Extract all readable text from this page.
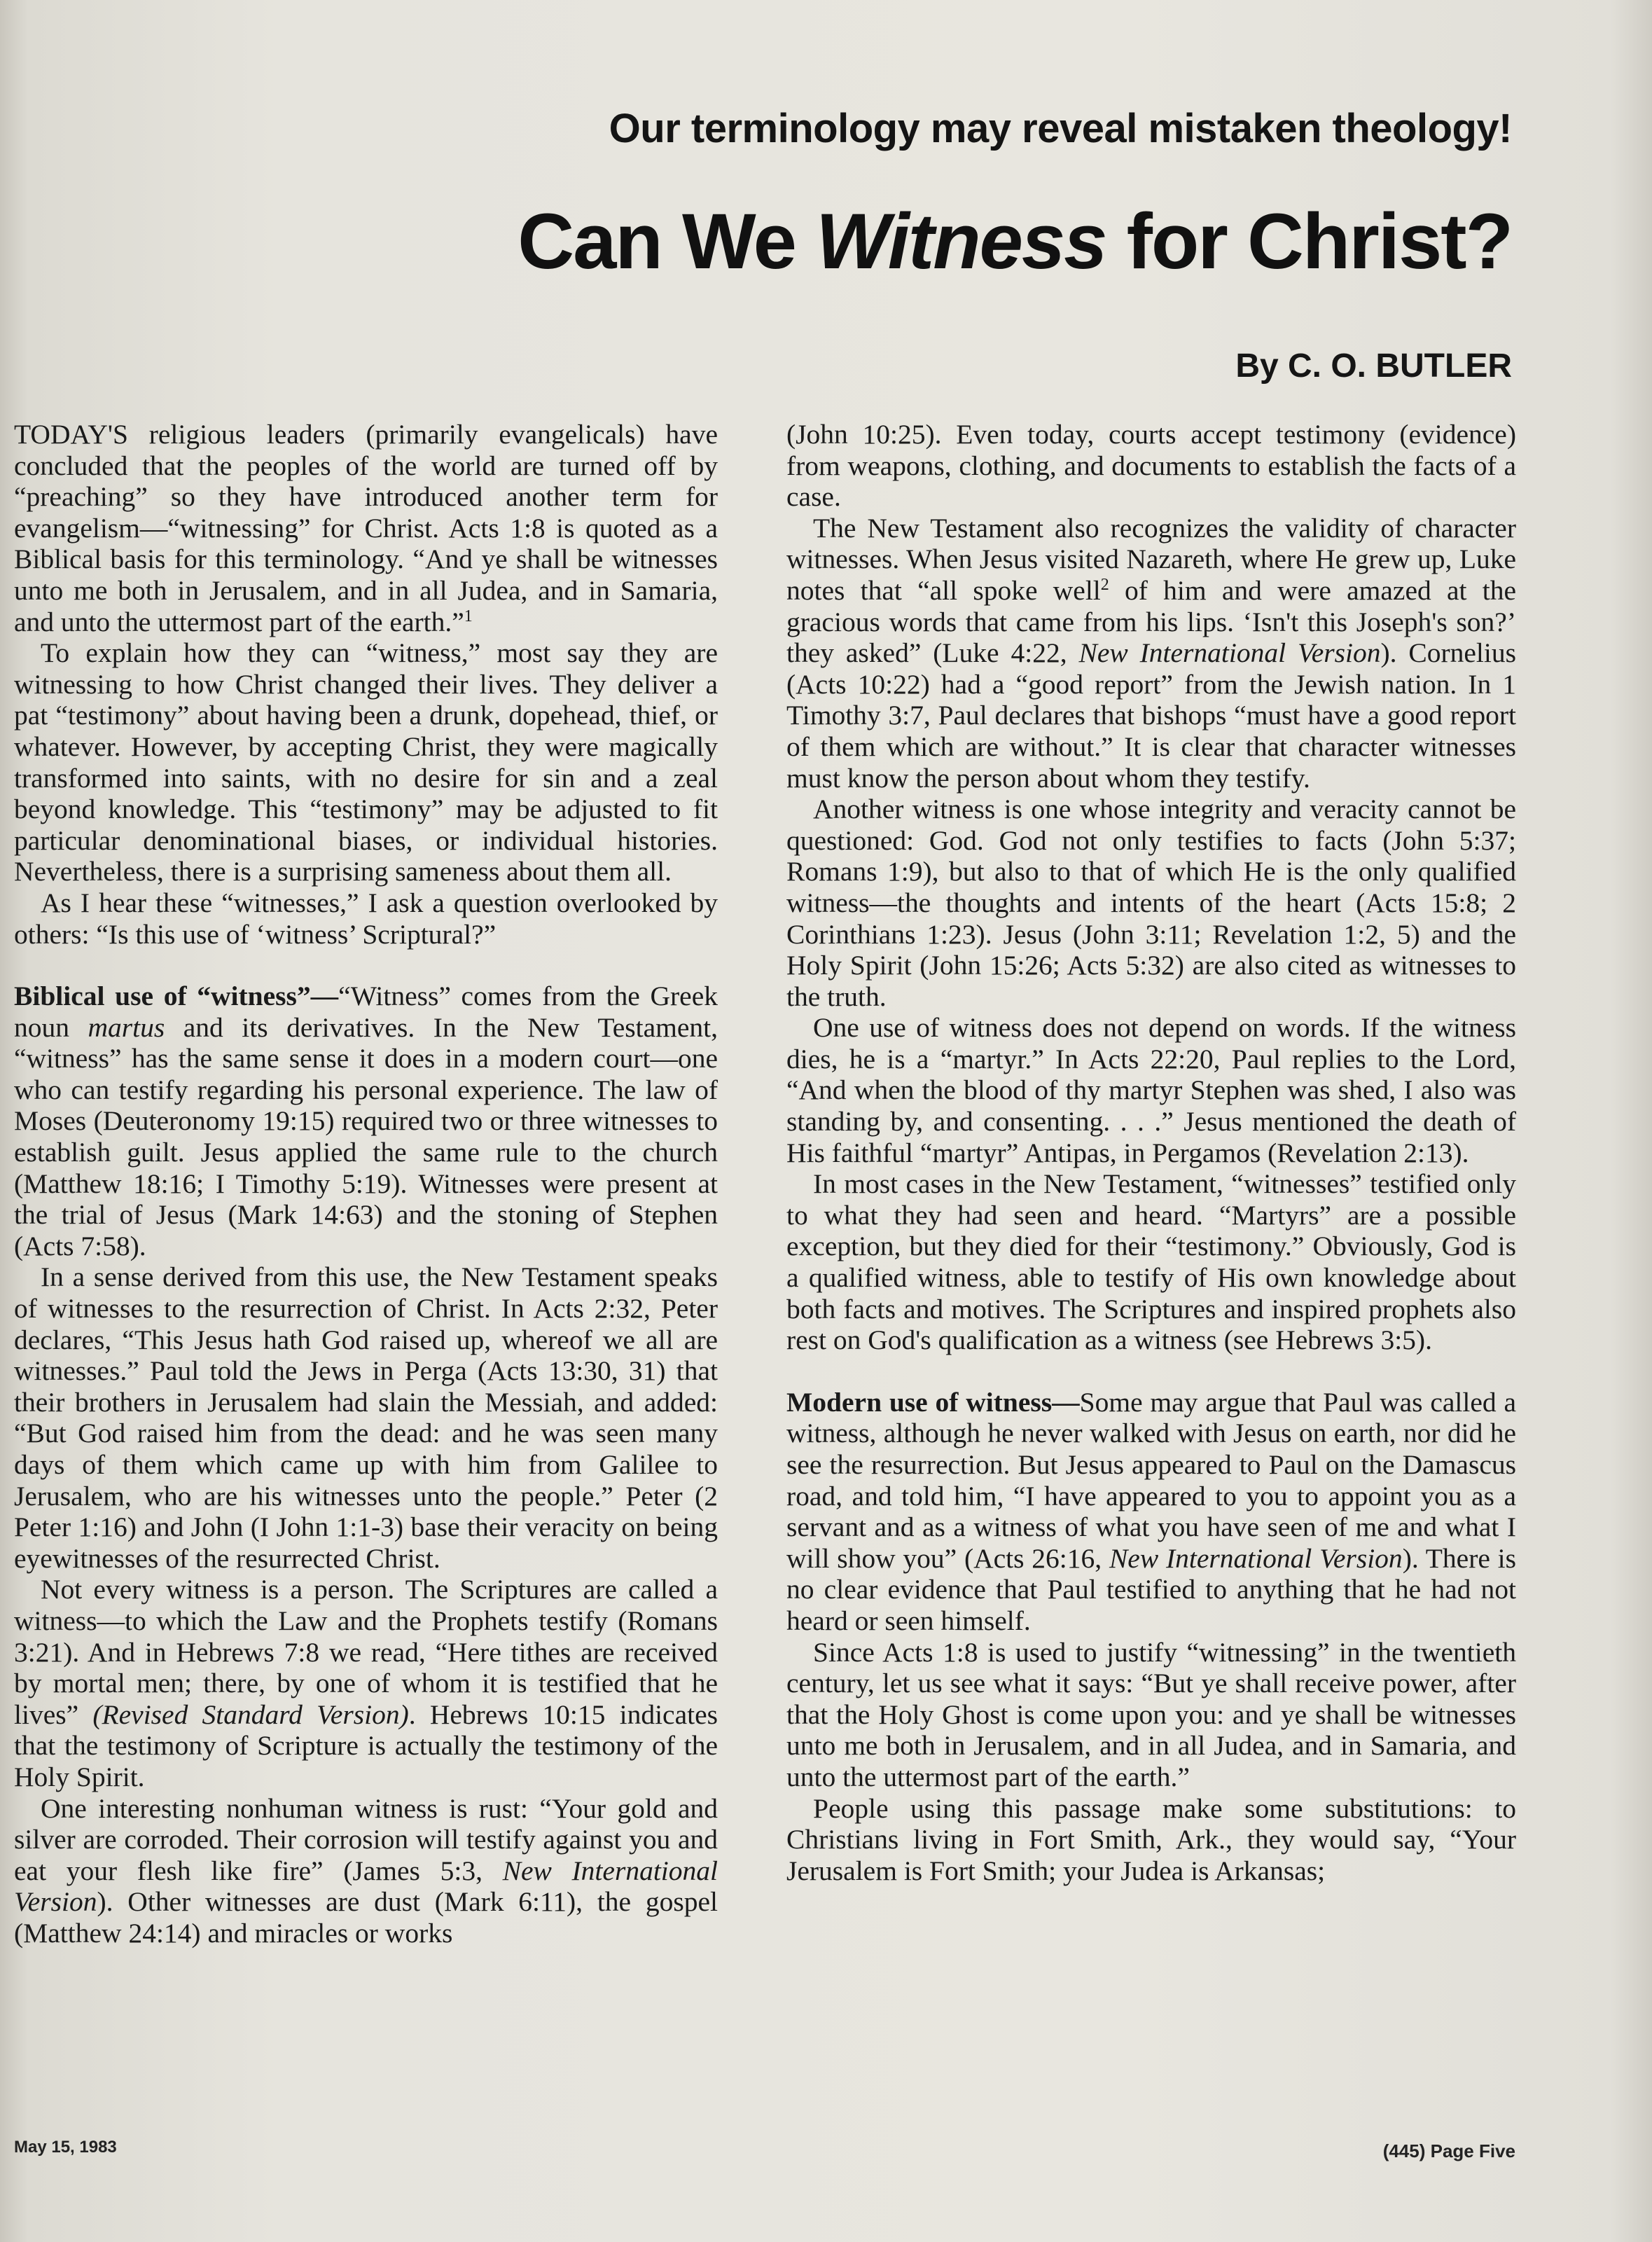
Our terminology may reveal mistaken theology!
Can We Witness for Christ?
By C. O. BUTLER

TODAY'S religious leaders (primarily evangelicals) have concluded that the peoples of the world are turned off by “preaching” so they have introduced another term for evangelism—“witnessing” for Christ. Acts 1:8 is quoted as a Biblical basis for this terminology. “And ye shall be witnesses unto me both in Jerusalem, and in all Judea, and in Samaria, and unto the uttermost part of the earth.”$^1$

To explain how they can “witness,” most say they are witnessing to how Christ changed their lives. They deliver a pat “testimony” about having been a drunk, dopehead, thief, or whatever. However, by accepting Christ, they were magically transformed into saints, with no desire for sin and a zeal beyond knowledge. This “testimony” may be adjusted to fit particular denominational biases, or individual histories. Nevertheless, there is a surprising sameness about them all.

As I hear these “witnesses,” I ask a question overlooked by others: “Is this use of ‘witness’ Scriptural?”

Biblical use of “witness”—“Witness” comes from the Greek noun martus and its derivatives. In the New Testament, “witness” has the same sense it does in a modern court—one who can testify regarding his personal experience. The law of Moses (Deuteronomy 19:15) required two or three witnesses to establish guilt. Jesus applied the same rule to the church (Matthew 18:16; I Timothy 5:19). Witnesses were present at the trial of Jesus (Mark 14:63) and the stoning of Stephen (Acts 7:58).

In a sense derived from this use, the New Testament speaks of witnesses to the resurrection of Christ. In Acts 2:32, Peter declares, “This Jesus hath God raised up, whereof we all are witnesses.” Paul told the Jews in Perga (Acts 13:30, 31) that their brothers in Jerusalem had slain the Messiah, and added: “But God raised him from the dead: and he was seen many days of them which came up with him from Galilee to Jerusalem, who are his witnesses unto the people.” Peter (2 Peter 1:16) and John (I John 1:1-3) base their veracity on being eyewitnesses of the resurrected Christ.

Not every witness is a person. The Scriptures are called a witness—to which the Law and the Prophets testify (Romans 3:21). And in Hebrews 7:8 we read, “Here tithes are received by mortal men; there, by one of whom it is testified that he lives” (Revised Standard Version). Hebrews 10:15 indicates that the testimony of Scripture is actually the testimony of the Holy Spirit.

One interesting nonhuman witness is rust: “Your gold and silver are corroded. Their corrosion will testify against you and eat your flesh like fire” (James 5:3, New International Version). Other witnesses are dust (Mark 6:11), the gospel (Matthew 24:14) and miracles or works

(John 10:25). Even today, courts accept testimony (evidence) from weapons, clothing, and documents to establish the facts of a case.

The New Testament also recognizes the validity of character witnesses. When Jesus visited Nazareth, where He grew up, Luke notes that “all spoke well$^2$ of him and were amazed at the gracious words that came from his lips. ‘Isn't this Joseph's son?’ they asked” (Luke 4:22, New International Version). Cornelius (Acts 10:22) had a “good report” from the Jewish nation. In 1 Timothy 3:7, Paul declares that bishops “must have a good report of them which are without.” It is clear that character witnesses must know the person about whom they testify.

Another witness is one whose integrity and veracity cannot be questioned: God. God not only testifies to facts (John 5:37; Romans 1:9), but also to that of which He is the only qualified witness—the thoughts and intents of the heart (Acts 15:8; 2 Corinthians 1:23). Jesus (John 3:11; Revelation 1:2, 5) and the Holy Spirit (John 15:26; Acts 5:32) are also cited as witnesses to the truth.

One use of witness does not depend on words. If the witness dies, he is a “martyr.” In Acts 22:20, Paul replies to the Lord, “And when the blood of thy martyr Stephen was shed, I also was standing by, and consenting. . . .” Jesus mentioned the death of His faithful “martyr” Antipas, in Pergamos (Revelation 2:13).

In most cases in the New Testament, “witnesses” testified only to what they had seen and heard. “Martyrs” are a possible exception, but they died for their “testimony.” Obviously, God is a qualified witness, able to testify of His own knowledge about both facts and motives. The Scriptures and inspired prophets also rest on God's qualification as a witness (see Hebrews 3:5).

Modern use of witness—Some may argue that Paul was called a witness, although he never walked with Jesus on earth, nor did he see the resurrection. But Jesus appeared to Paul on the Damascus road, and told him, “I have appeared to you to appoint you as a servant and as a witness of what you have seen of me and what I will show you” (Acts 26:16, New International Version). There is no clear evidence that Paul testified to anything that he had not heard or seen himself.

Since Acts 1:8 is used to justify “witnessing” in the twentieth century, let us see what it says: “But ye shall receive power, after that the Holy Ghost is come upon you: and ye shall be witnesses unto me both in Jerusalem, and in all Judea, and in Samaria, and unto the uttermost part of the earth.”

People using this passage make some substitutions: to Christians living in Fort Smith, Ark., they would say, “Your Jerusalem is Fort Smith; your Judea is Arkansas;

May 15, 1983	(445) Page Five
